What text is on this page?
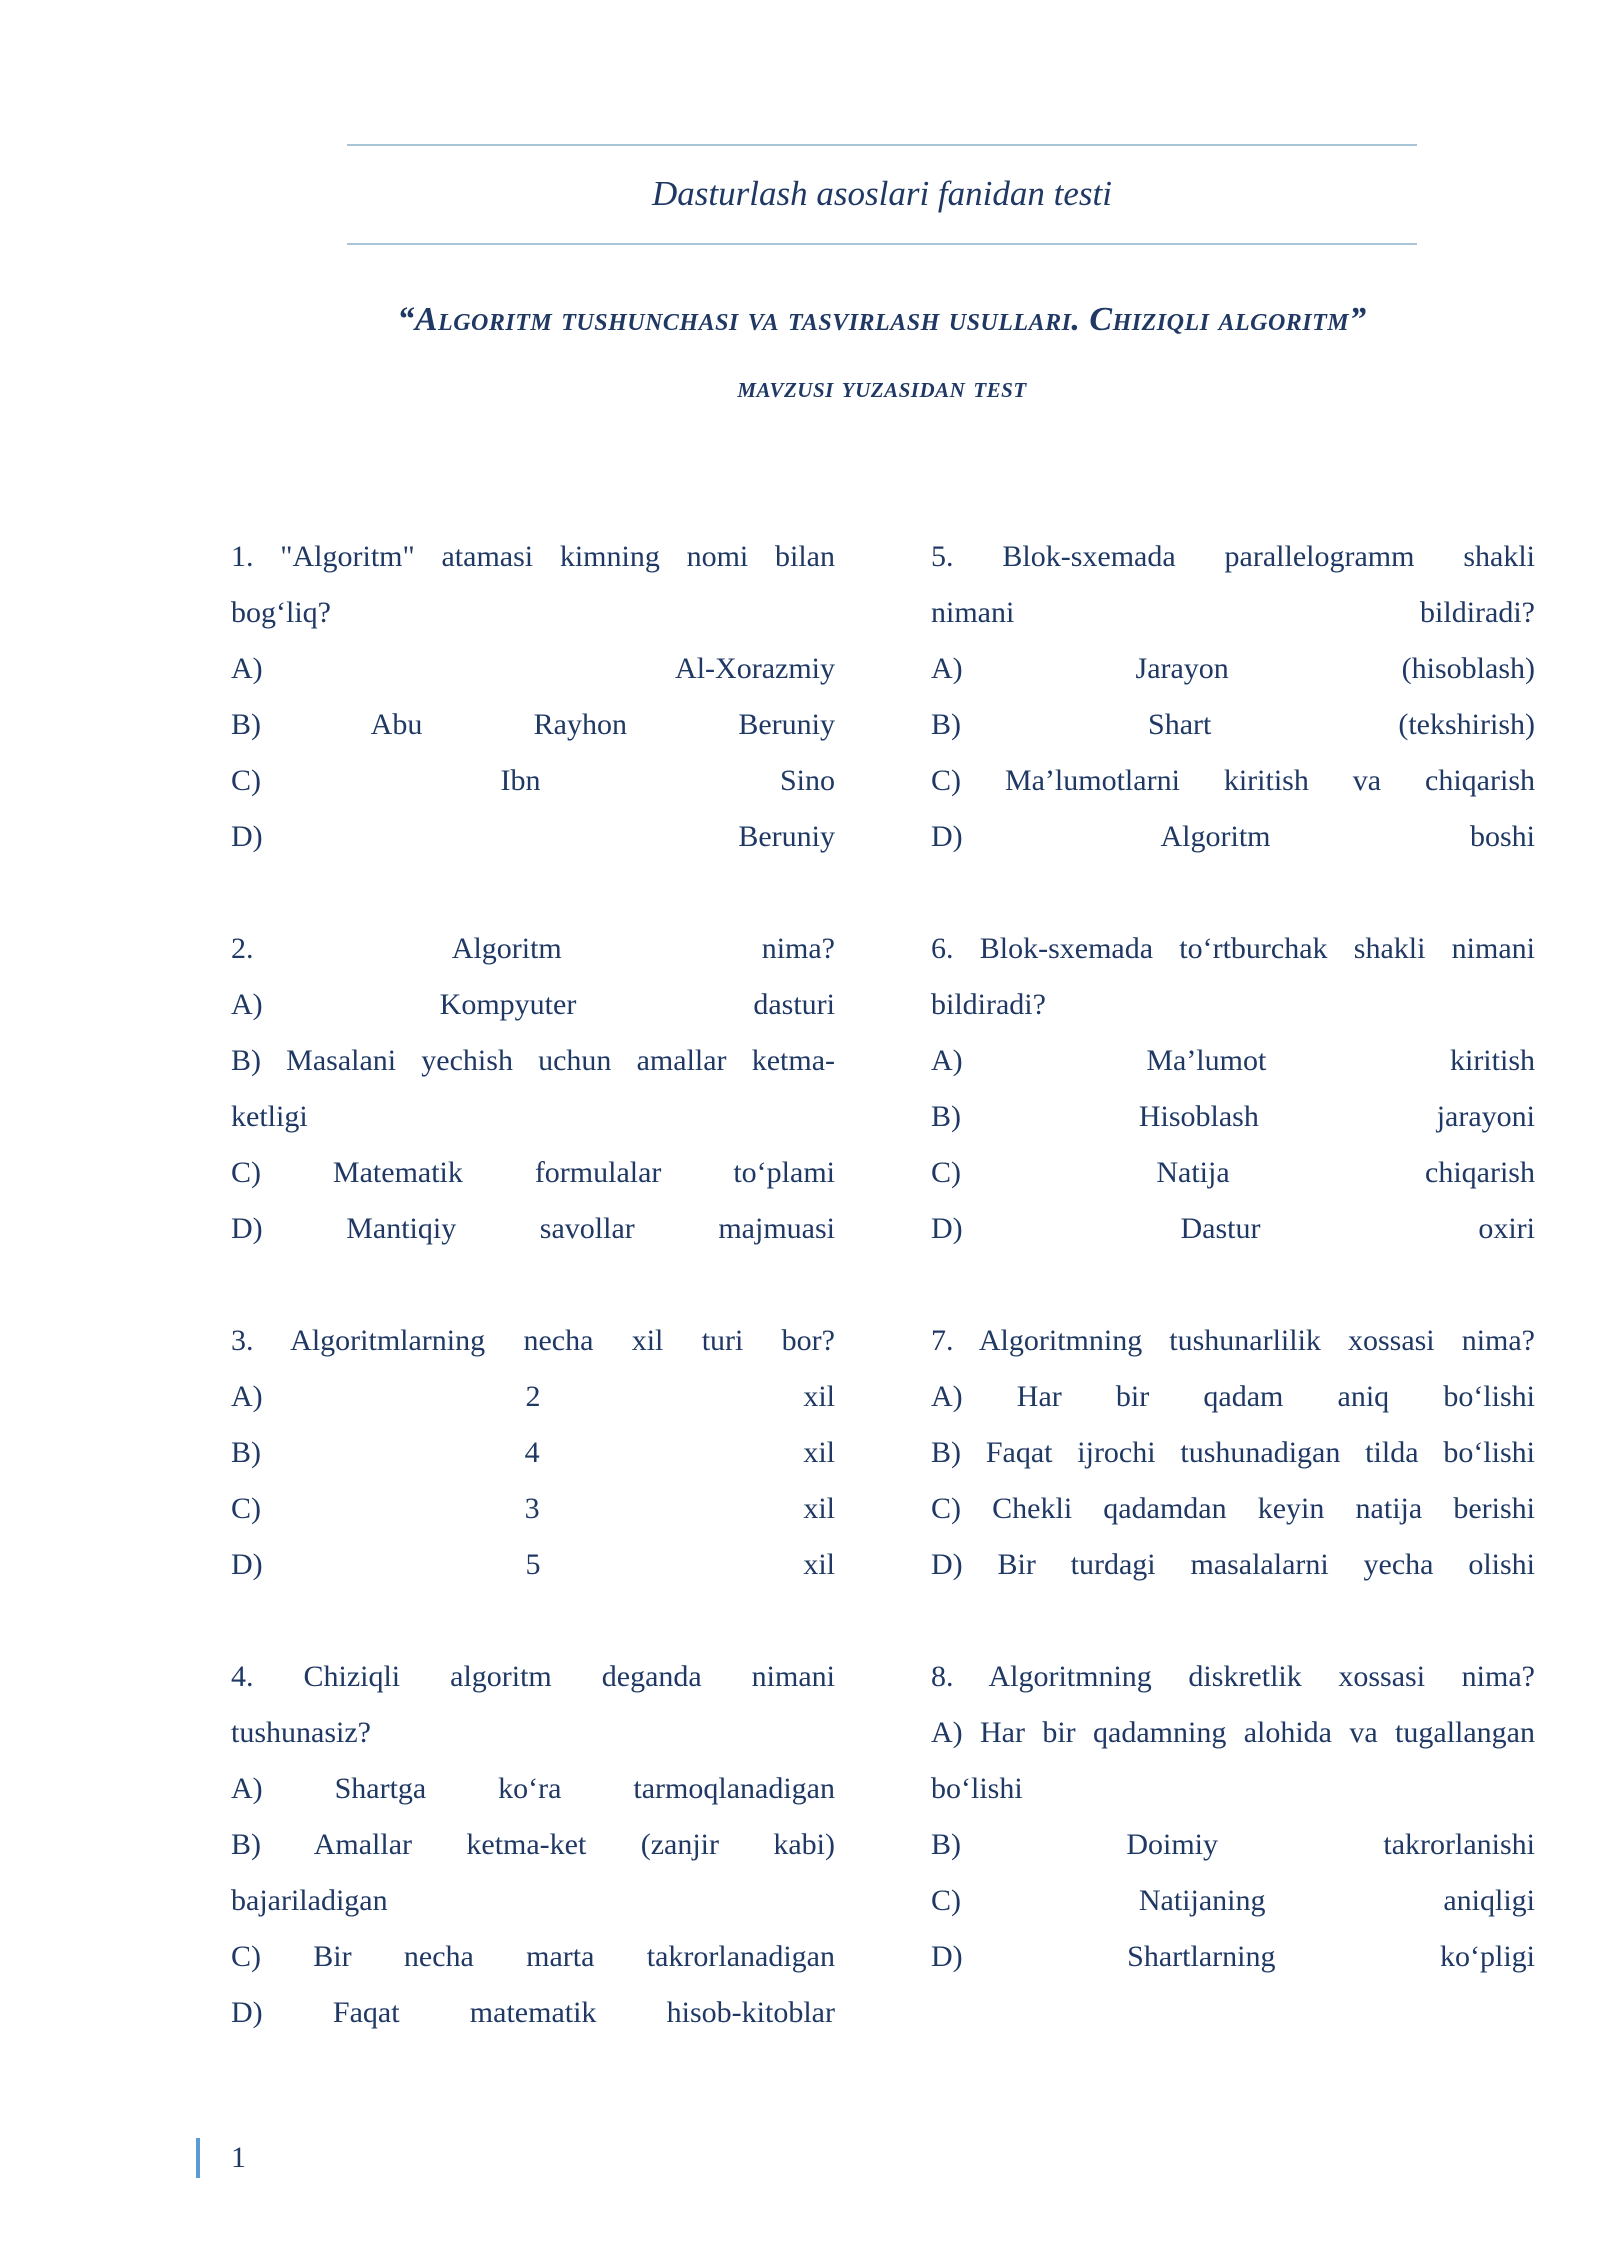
Dasturlash asoslari fanidan testi
“Algoritm tushunchasi va tasvirlash usullari. Chiziqli algoritm”
mavzusi yuzasidan test
1. "Algoritm" atamasi kimning nomi bilan
bog‘liq?
A) Al-Xorazmiy
B) Abu Rayhon Beruniy
C) Ibn Sino
D) Beruniy
2. Algoritm nima?
A) Kompyuter dasturi
B) Masalani yechish uchun amallar ketma-
ketligi
C) Matematik formulalar to‘plami
D) Mantiqiy savollar majmuasi
3. Algoritmlarning necha xil turi bor?
A) 2 xil
B) 4 xil
C) 3 xil
D) 5 xil
4. Chiziqli algoritm deganda nimani
tushunasiz?
A) Shartga ko‘ra tarmoqlanadigan
B) Amallar ketma-ket (zanjir kabi)
bajariladigan
C) Bir necha marta takrorlanadigan
D) Faqat matematik hisob-kitoblar
5. Blok-sxemada parallelogramm shakli
nimani bildiradi?
A) Jarayon (hisoblash)
B) Shart (tekshirish)
C) Ma’lumotlarni kiritish va chiqarish
D) Algoritm boshi
6. Blok-sxemada to‘rtburchak shakli nimani
bildiradi?
A) Ma’lumot kiritish
B) Hisoblash jarayoni
C) Natija chiqarish
D) Dastur oxiri
7. Algoritmning tushunarlilik xossasi nima?
A) Har bir qadam aniq bo‘lishi
B) Faqat ijrochi tushunadigan tilda bo‘lishi
C) Chekli qadamdan keyin natija berishi
D) Bir turdagi masalalarni yecha olishi
8. Algoritmning diskretlik xossasi nima?
A) Har bir qadamning alohida va tugallangan
bo‘lishi
B) Doimiy takrorlanishi
C) Natijaning aniqligi
D) Shartlarning ko‘pligi
1
